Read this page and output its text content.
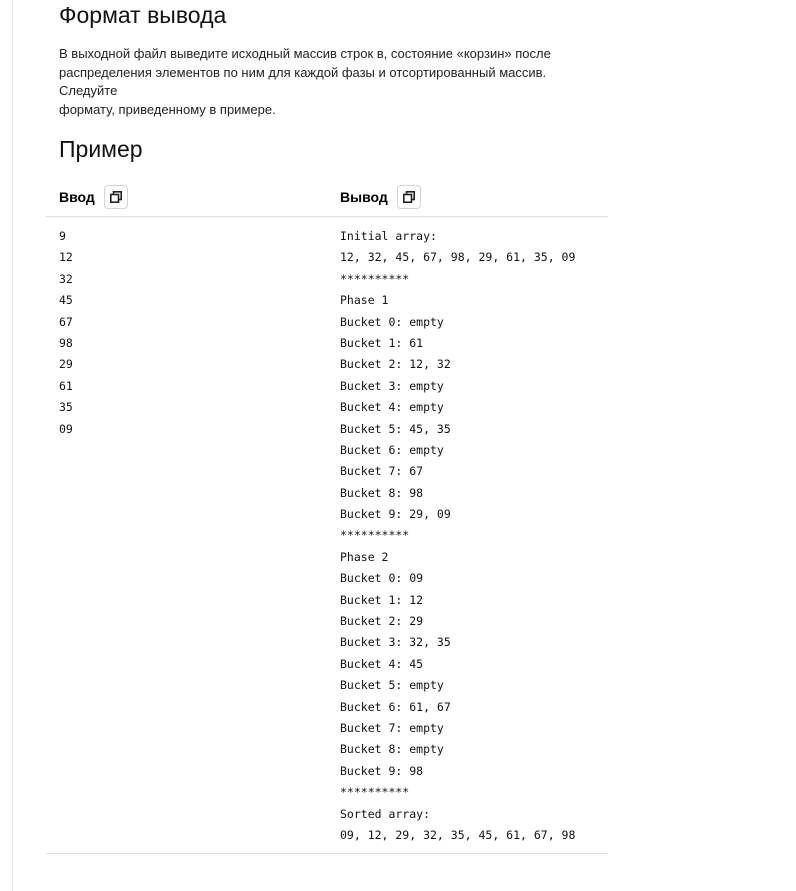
Формат вывода

В выходной файл выведите исходный массив строк в, состояние «корзин» после
распределения элементов по ним для каждой фазы и отсортированный массив. Следуйте
формату, приведенному в примере.

Пример
Ввод	Вывод
9
12
32
45
67
98
29
61
35
09
Initial array:
12, 32, 45, 67, 98, 29, 61, 35, 09
**********
Phase 1
Bucket 0: empty
Bucket 1: 61
Bucket 2: 12, 32
Bucket 3: empty
Bucket 4: empty
Bucket 5: 45, 35
Bucket 6: empty
Bucket 7: 67
Bucket 8: 98
Bucket 9: 29, 09
**********
Phase 2
Bucket 0: 09
Bucket 1: 12
Bucket 2: 29
Bucket 3: 32, 35
Bucket 4: 45
Bucket 5: empty
Bucket 6: 61, 67
Bucket 7: empty
Bucket 8: empty
Bucket 9: 98
**********
Sorted array:
09, 12, 29, 32, 35, 45, 61, 67, 98
